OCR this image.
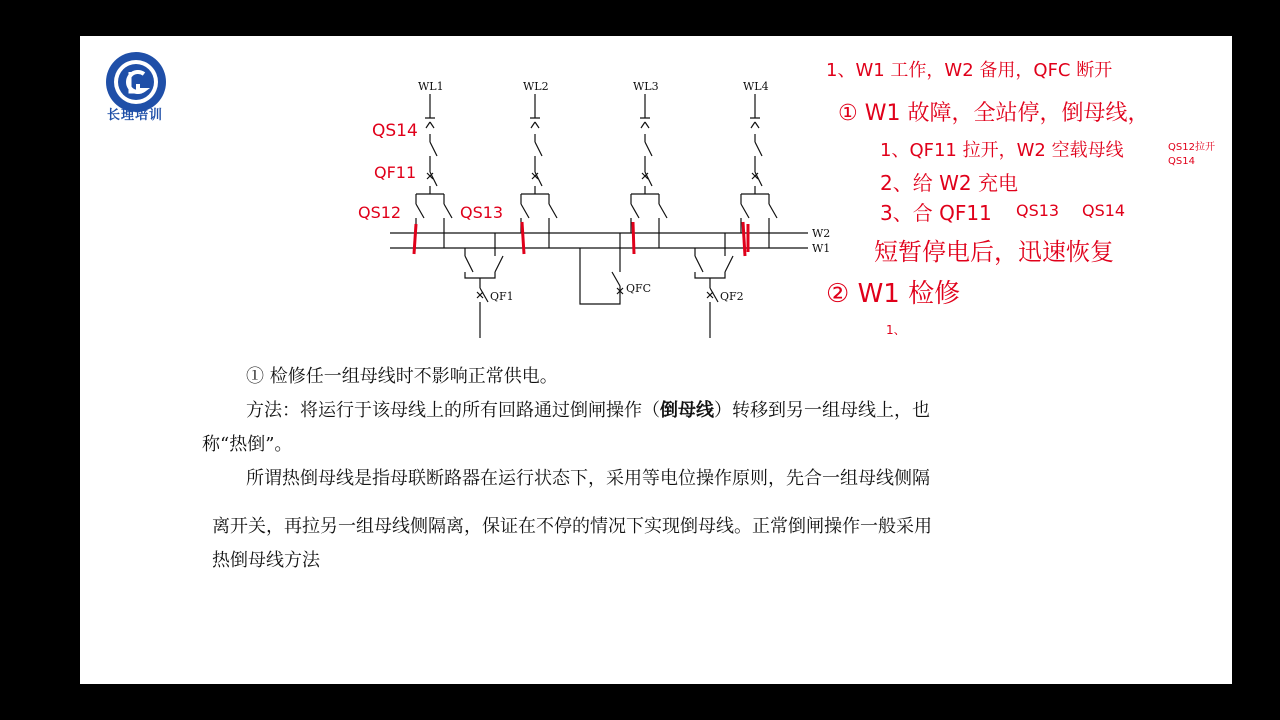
长理培训
W2
W1
WL1	WL2	WL3	WL4
QF1
QFC
QF2
QS14
QF11
QS12	QS13
1、W1 工作，W2 备用，QFC 断开
① W1 故障，全站停，倒母线，
1、QF11 拉开，W2 空载母线	QS12拉开
QS14
2、给 W2 充电
3、合 QF11 QS13 QS14
短暂停电后，迅速恢复
② W1 检修
1、
① 检修任一组母线时不影响正常供电。
方法：将运行于该母线上的所有回路通过倒闸操作（倒母线）转移到另一组母线上，也
称“热倒”。
所谓热倒母线是指母联断路器在运行状态下，采用等电位操作原则，先合一组母线侧隔
离开关，再拉另一组母线侧隔离，保证在不停的情况下实现倒母线。正常倒闸操作一般采用
热倒母线方法
